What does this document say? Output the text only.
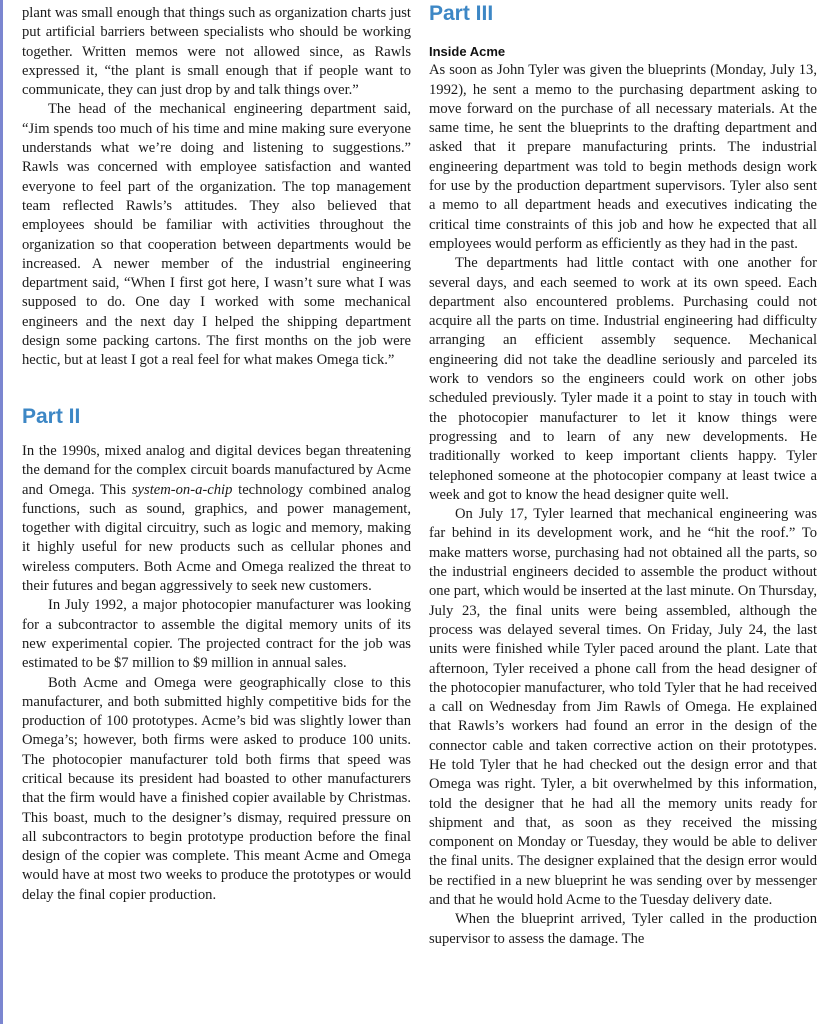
plant was small enough that things such as organization charts just put artificial barriers between specialists who should be working together. Written memos were not allowed since, as Rawls expressed it, “the plant is small enough that if people want to communicate, they can just drop by and talk things over.”

The head of the mechanical engineering department said, “Jim spends too much of his time and mine making sure everyone understands what we’re doing and listening to suggestions.” Rawls was concerned with employee satisfaction and wanted everyone to feel part of the organization. The top management team reflected Rawls’s attitudes. They also believed that employees should be familiar with activities throughout the organization so that cooperation between departments would be increased. A newer member of the industrial engineering department said, “When I first got here, I wasn’t sure what I was supposed to do. One day I worked with some mechanical engineers and the next day I helped the shipping department design some packing cartons. The first months on the job were hectic, but at least I got a real feel for what makes Omega tick.”

Part II

In the 1990s, mixed analog and digital devices began threatening the demand for the complex circuit boards manufactured by Acme and Omega. This system-on-a-chip technology combined analog functions, such as sound, graphics, and power management, together with digital circuitry, such as logic and memory, making it highly useful for new products such as cellular phones and wireless computers. Both Acme and Omega realized the threat to their futures and began aggressively to seek new customers.

In July 1992, a major photocopier manufacturer was looking for a subcontractor to assemble the digital memory units of its new experimental copier. The projected contract for the job was estimated to be $7 million to $9 million in annual sales.

Both Acme and Omega were geographically close to this manufacturer, and both submitted highly competitive bids for the production of 100 prototypes. Acme’s bid was slightly lower than Omega’s; however, both firms were asked to produce 100 units. The photocopier manufacturer told both firms that speed was critical because its president had boasted to other manufacturers that the firm would have a finished copier available by Christmas. This boast, much to the designer’s dismay, required pressure on all subcontractors to begin prototype production before the final design of the copier was complete. This meant Acme and Omega would have at most two weeks to produce the prototypes or would delay the final copier production.

Part III
Inside Acme

As soon as John Tyler was given the blueprints (Monday, July 13, 1992), he sent a memo to the purchasing department asking to move forward on the purchase of all necessary materials. At the same time, he sent the blueprints to the drafting department and asked that it prepare manufacturing prints. The industrial engineering department was told to begin methods design work for use by the production department supervisors. Tyler also sent a memo to all department heads and executives indicating the critical time constraints of this job and how he expected that all employees would perform as efficiently as they had in the past.

The departments had little contact with one another for several days, and each seemed to work at its own speed. Each department also encountered problems. Purchasing could not acquire all the parts on time. Industrial engineering had difficulty arranging an efficient assembly sequence. Mechanical engineering did not take the deadline seriously and parceled its work to vendors so the engineers could work on other jobs scheduled previously. Tyler made it a point to stay in touch with the photocopier manufacturer to let it know things were progressing and to learn of any new developments. He traditionally worked to keep important clients happy. Tyler telephoned someone at the photocopier company at least twice a week and got to know the head designer quite well.

On July 17, Tyler learned that mechanical engineering was far behind in its development work, and he “hit the roof.” To make matters worse, purchasing had not obtained all the parts, so the industrial engineers decided to assemble the product without one part, which would be inserted at the last minute. On Thursday, July 23, the final units were being assembled, although the process was delayed several times. On Friday, July 24, the last units were finished while Tyler paced around the plant. Late that afternoon, Tyler received a phone call from the head designer of the photocopier manufacturer, who told Tyler that he had received a call on Wednesday from Jim Rawls of Omega. He explained that Rawls’s workers had found an error in the design of the connector cable and taken corrective action on their prototypes. He told Tyler that he had checked out the design error and that Omega was right. Tyler, a bit overwhelmed by this information, told the designer that he had all the memory units ready for shipment and that, as soon as they received the missing component on Monday or Tuesday, they would be able to deliver the final units. The designer explained that the design error would be rectified in a new blueprint he was sending over by messenger and that he would hold Acme to the Tuesday delivery date.

When the blueprint arrived, Tyler called in the production supervisor to assess the damage. The
